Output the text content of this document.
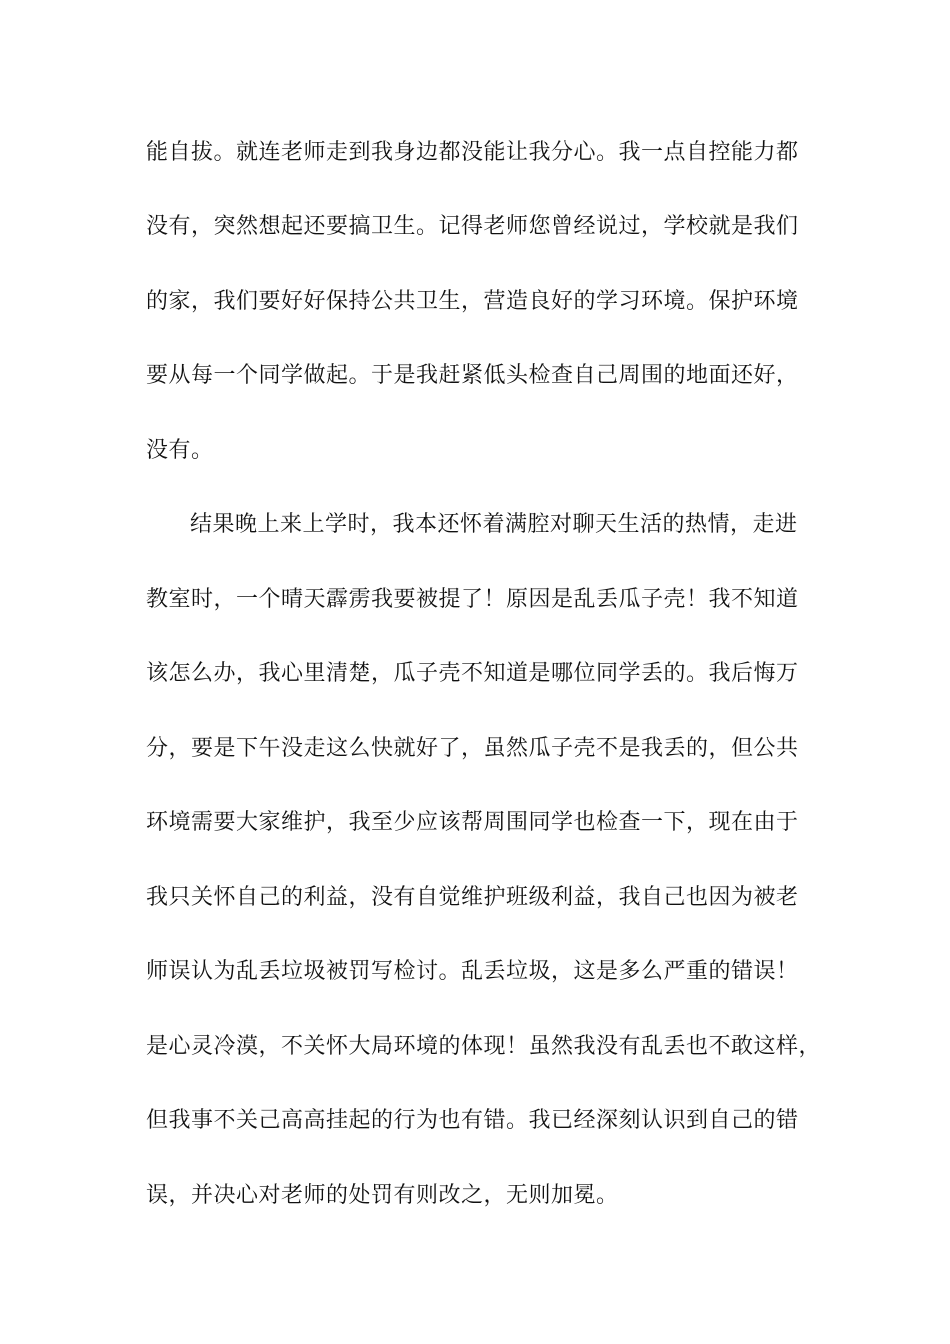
能自拔。就连老师走到我身边都没能让我分心。我一点自控能力都
没有，突然想起还要搞卫生。记得老师您曾经说过，学校就是我们
的家，我们要好好保持公共卫生，营造良好的学习环境。保护环境
要从每一个同学做起。于是我赶紧低头检查自己周围的地面还好，
没有。
结果晚上来上学时，我本还怀着满腔对聊天生活的热情，走进
教室时，一个晴天霹雳我要被提了！原因是乱丢瓜子壳！我不知道
该怎么办，我心里清楚，瓜子壳不知道是哪位同学丢的。我后悔万
分，要是下午没走这么快就好了，虽然瓜子壳不是我丢的，但公共
环境需要大家维护，我至少应该帮周围同学也检查一下，现在由于
我只关怀自己的利益，没有自觉维护班级利益，我自己也因为被老
师误认为乱丢垃圾被罚写检讨。乱丢垃圾，这是多么严重的错误！
是心灵冷漠，不关怀大局环境的体现！虽然我没有乱丢也不敢这样，
但我事不关己高高挂起的行为也有错。我已经深刻认识到自己的错
误，并决心对老师的处罚有则改之，无则加冕。
